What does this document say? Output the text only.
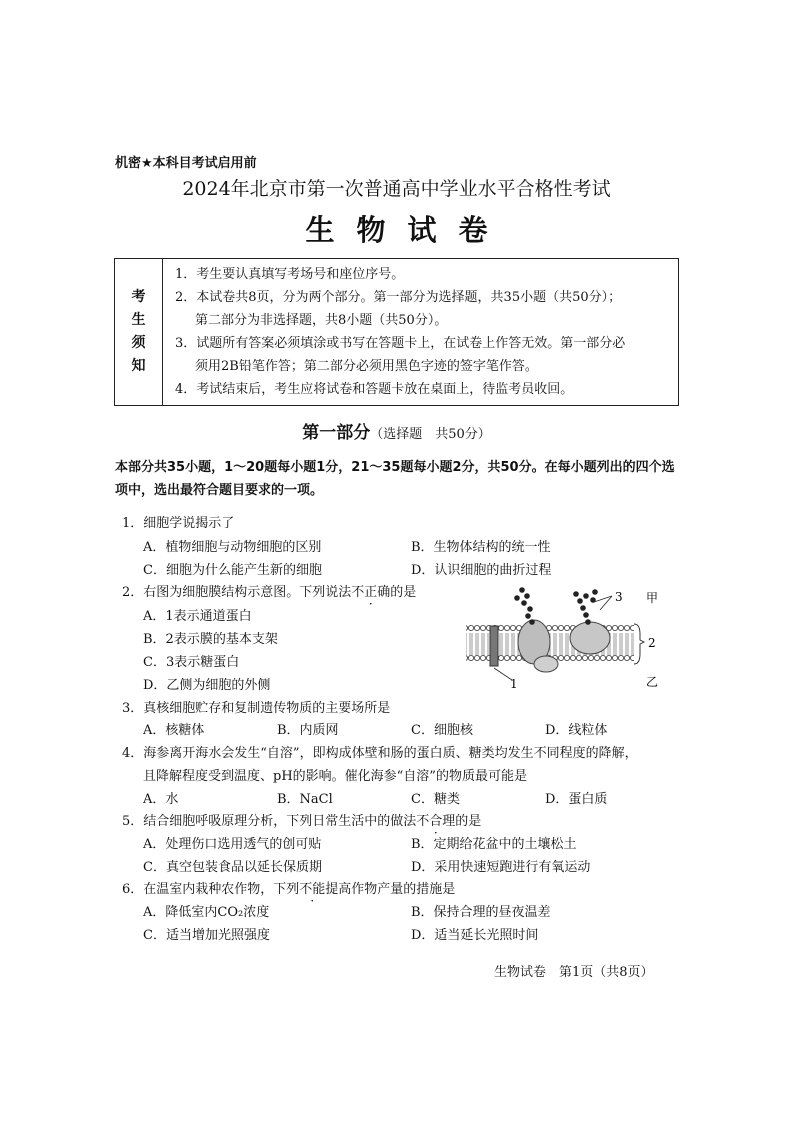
机密★本科目考试启用前
2024年北京市第一次普通高中学业水平合格性考试
生物试卷
考
生
须
知
1．考生要认真填写考场号和座位序号。
2．本试卷共8页，分为两个部分。第一部分为选择题，共35小题（共50分）；
第二部分为非选择题，共8小题（共50分）。
3．试题所有答案必须填涂或书写在答题卡上，在试卷上作答无效。第一部分必
须用2B铅笔作答；第二部分必须用黑色字迹的签字笔作答。
4．考试结束后，考生应将试卷和答题卡放在桌面上，待监考员收回。
第一部分（选择题　共50分）
本部分共35小题，1～20题每小题1分，21～35题每小题2分，共50分。在每小题列出的四个选项中，选出最符合题目要求的一项。
1．细胞学说揭示了
A．植物细胞与动物细胞的区别	B．生物体结构的统一性
C．细胞为什么能产生新的细胞	D．认识细胞的曲折过程
2．右图为细胞膜结构示意图。下列说法不正确的是
A．1表示通道蛋白
B．2表示膜的基本支架
C．3表示糖蛋白
D．乙侧为细胞的外侧
3 甲
2
1	乙
3．真核细胞贮存和复制遗传物质的主要场所是
A．核糖体	B．内质网	C．细胞核	D．线粒体
4．海参离开海水会发生“自溶”，即构成体壁和肠的蛋白质、糖类均发生不同程度的降解，
且降解程度受到温度、pH的影响。催化海参“自溶”的物质最可能是
A．水	B．NaCl	C．糖类	D．蛋白质
5．结合细胞呼吸原理分析，下列日常生活中的做法不合理的是
A．处理伤口选用透气的创可贴	B．定期给花盆中的土壤松土
C．真空包装食品以延长保质期	D．采用快速短跑进行有氧运动
6．在温室内栽种农作物，下列不能提高作物产量的措施是
A．降低室内CO₂浓度	B．保持合理的昼夜温差
C．适当增加光照强度	D．适当延长光照时间
生物试卷　第1页（共8页）
